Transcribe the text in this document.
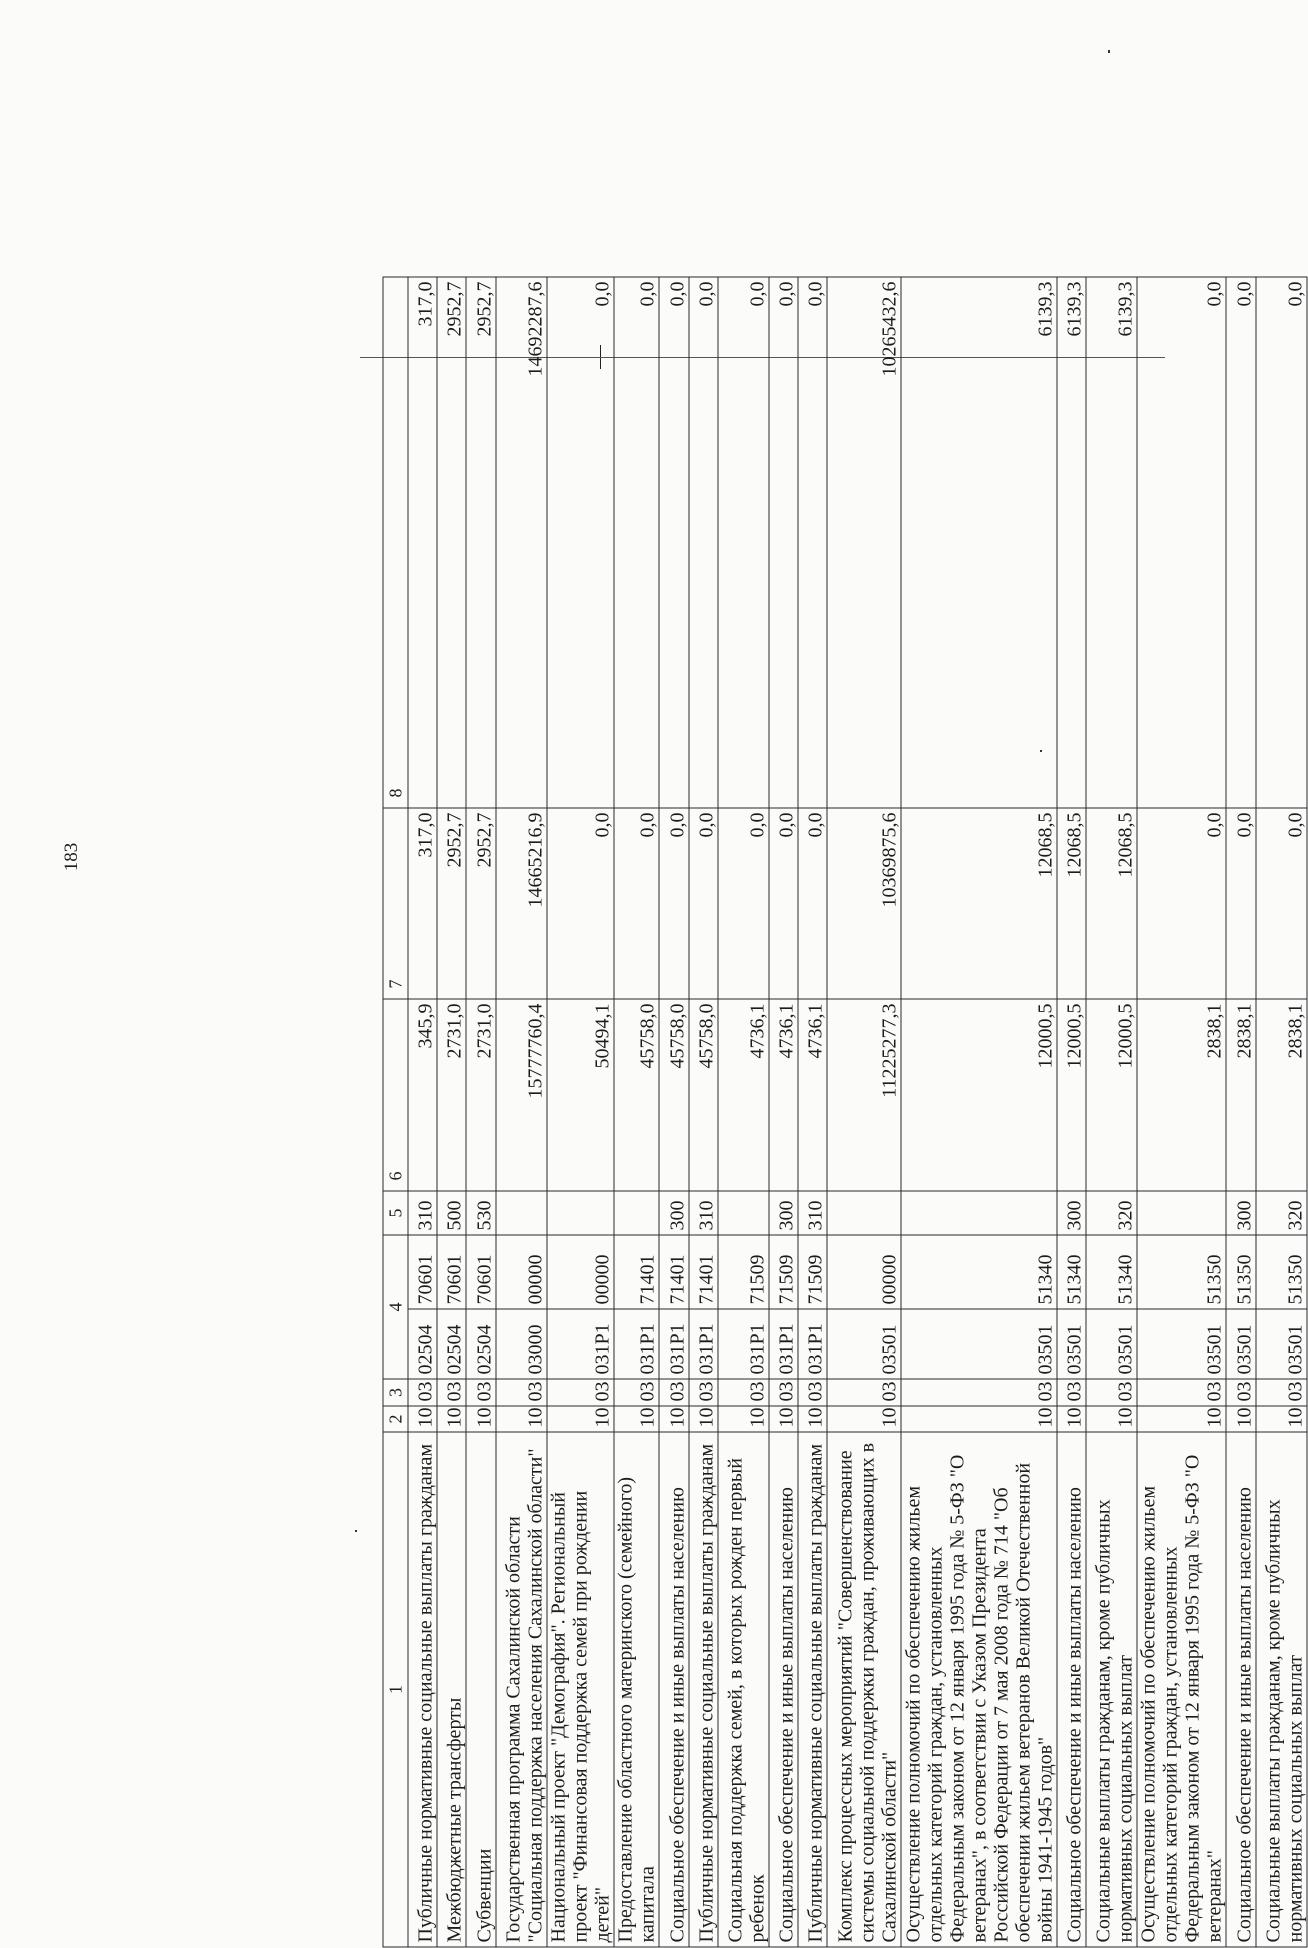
183
1	2	3	4		5	6	7	8
Публичные нормативные социальные выплаты гражданам	10	03	02504	70601	310	345,9	317,0	317,0
Межбюджетные трансферты	10	03	02504	70601	500	2731,0	2952,7	2952,7
Субвенции	10	03	02504	70601	530	2731,0	2952,7	2952,7
Государственная программа Сахалинской области "Социальная поддержка населения Сахалинской области"	10	03	03000	00000		15777760,4	14665216,9	14692287,6
Национальный проект "Демография". Региональный проект "Финансовая поддержка семей при рождении детей"	10	03	031Р1	00000		50494,1	0,0	0,0
Предоставление областного материнского (семейного) капитала	10	03	031Р1	71401		45758,0	0,0	0,0
Социальное обеспечение и иные выплаты населению	10	03	031Р1	71401	300	45758,0	0,0	0,0
Публичные нормативные социальные выплаты гражданам	10	03	031Р1	71401	310	45758,0	0,0	0,0
Социальная поддержка семей, в которых рожден первый ребенок	10	03	031Р1	71509		4736,1	0,0	0,0
Социальное обеспечение и иные выплаты населению	10	03	031Р1	71509	300	4736,1	0,0	0,0
Публичные нормативные социальные выплаты гражданам	10	03	031Р1	71509	310	4736,1	0,0	0,0
Комплекс процессных мероприятий "Совершенствование системы социальной поддержки граждан, проживающих в Сахалинской области"	10	03	03501	00000		11225277,3	10369875,6	10265432,6
Осуществление полномочий по обеспечению жильем отдельных категорий граждан, установленных Федеральным законом от 12 января 1995 года № 5-ФЗ "О ветеранах", в соответствии с Указом Президента Российской Федерации от 7 мая 2008 года № 714 "Об обеспечении жильем ветеранов Великой Отечественной войны 1941-1945 годов"	10	03	03501	51340		12000,5	12068,5	6139,3
Социальное обеспечение и иные выплаты населению	10	03	03501	51340	300	12000,5	12068,5	6139,3
Социальные выплаты гражданам, кроме публичных нормативных социальных выплат	10	03	03501	51340	320	12000,5	12068,5	6139,3
Осуществление полномочий по обеспечению жильем отдельных категорий граждан, установленных Федеральным законом от 12 января 1995 года № 5-ФЗ "О ветеранах"	10	03	03501	51350		2838,1	0,0	0,0
Социальное обеспечение и иные выплаты населению	10	03	03501	51350	300	2838,1	0,0	0,0
Социальные выплаты гражданам, кроме публичных нормативных социальных выплат	10	03	03501	51350	320	2838,1	0,0	0,0
